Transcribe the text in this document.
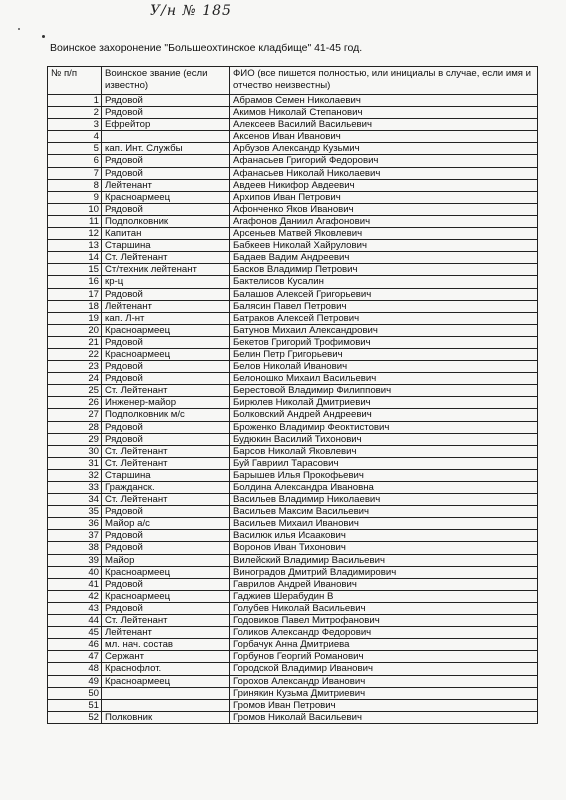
У/н № 185
Воинское захоронение "Большеохтинское кладбище" 41-45 год.
№ п/п	Воинское звание (если известно)	ФИО (все пишется полностью, или инициалы в случае, если имя и отчество неизвестны)
1	Рядовой	Абрамов Семен Николаевич
2	Рядовой	Акимов Николай Степанович
3	Ефрейтор	Алексеев Василий Васильевич
4		Аксенов Иван Иванович
5	кап. Инт. Службы	Арбузов Александр Кузьмич
6	Рядовой	Афанасьев Григорий Федорович
7	Рядовой	Афанасьев Николай Николаевич
8	Лейтенант	Авдеев Никифор Авдеевич
9	Красноармеец	Архипов Иван Петрович
10	Рядовой	Афонченко Яков Иванович
11	Подполковник	Агафонов Даниил Агафонович
12	Капитан	Арсеньев Матвей Яковлевич
13	Старшина	Бабкеев Николай Хайрулович
14	Ст. Лейтенант	Бадаев Вадим Андреевич
15	Ст/техник лейтенант	Басков Владимир Петрович
16	кр-ц	Бактелисов Кусалин
17	Рядовой	Балашов Алексей Григорьевич
18	Лейтенант	Балясин Павел Петрович
19	кап. Л-нт	Батраков Алексей Петрович
20	Красноармеец	Батунов Михаил Александрович
21	Рядовой	Бекетов Григорий Трофимович
22	Красноармеец	Белин Петр Григорьевич
23	Рядовой	Белов Николай Иванович
24	Рядовой	Белоношко Михаил Васильевич
25	Ст. Лейтенант	Берестовой Владимир Филиппович
26	Инженер-майор	Бирюлев Николай Дмитриевич
27	Подполковник м/с	Болковский Андрей Андреевич
28	Рядовой	Броженко Владимир Феоктистович
29	Рядовой	Будюкин Василий Тихонович
30	Ст. Лейтенант	Барсов Николай Яковлевич
31	Ст. Лейтенант	Буй Гавриил Тарасович
32	Старшина	Барышев Илья Прокофьевич
33	Гражданск.	Болдина Александра Ивановна
34	Ст. Лейтенант	Васильев Владимир Николаевич
35	Рядовой	Васильев Максим Васильевич
36	Майор а/с	Васильев Михаил Иванович
37	Рядовой	Василюк илья Исаакович
38	Рядовой	Воронов Иван Тихонович
39	Майор	Вилейский Владимир Васильевич
40	Красноармеец	Виноградов Дмитрий Владимирович
41	Рядовой	Гаврилов Андрей Иванович
42	Красноармеец	Гаджиев Шерабудин В
43	Рядовой	Голубев Николай Васильевич
44	Ст. Лейтенант	Годовиков Павел Митрофанович
45	Лейтенант	Голиков Александр Федорович
46	мл. нач. состав	Горбачук Анна Дмитриева
47	Сержант	Горбунов Георгий Романович
48	Краснофлот.	Городской Владимир Иванович
49	Красноармеец	Горохов Александр Иванович
50		Гринякин Кузьма Дмитриевич
51		Громов Иван Петрович
52	Полковник	Громов Николай Васильевич
